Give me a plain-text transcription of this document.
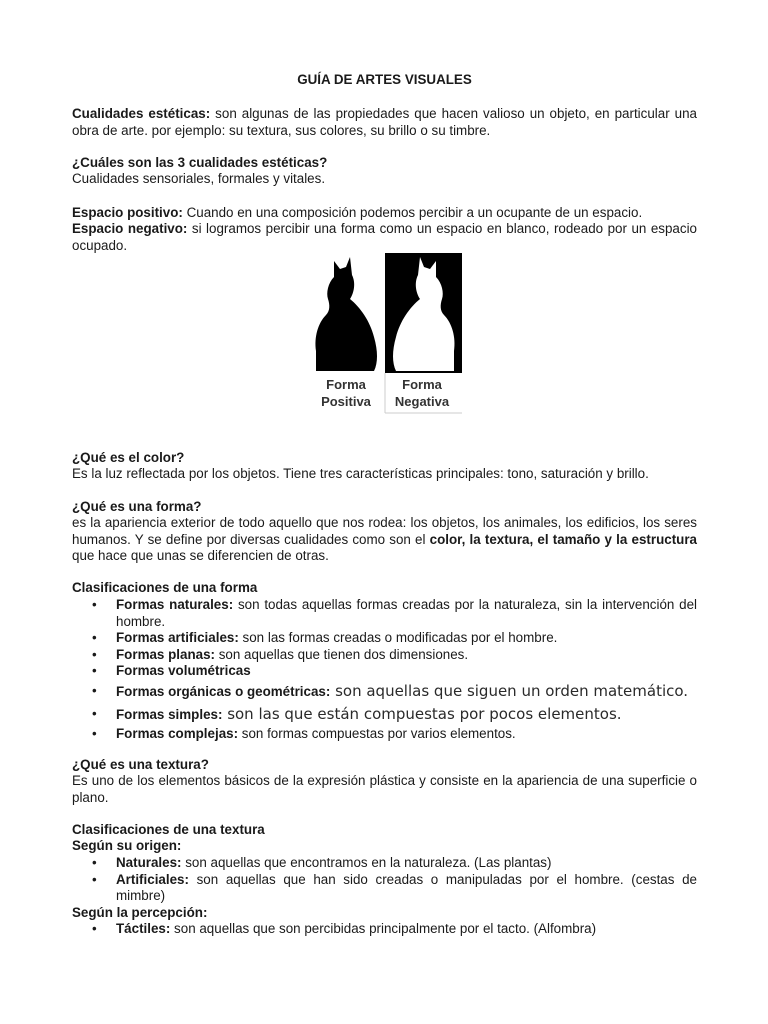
GUÍA DE ARTES VISUALES
Cualidades estéticas: son algunas de las propiedades que hacen valioso un objeto, en particular una obra de arte. por ejemplo: su textura, sus colores, su brillo o su timbre.
¿Cuáles son las 3 cualidades estéticas?
Cualidades sensoriales, formales y vitales.
Espacio positivo: Cuando en una composición podemos percibir a un ocupante de un espacio.
Espacio negativo: si logramos percibir una forma como un espacio en blanco, rodeado por un espacio ocupado.
Forma
Positiva
Forma
Negativa
¿Qué es el color?
Es la luz reflectada por los objetos. Tiene tres características principales: tono, saturación y brillo.
¿Qué es una forma?
es la apariencia exterior de todo aquello que nos rodea: los objetos, los animales, los edificios, los seres humanos. Y se define por diversas cualidades como son el color, la textura, el tamaño y la estructura que hace que unas se diferencien de otras.
Clasificaciones de una forma
• Formas naturales: son todas aquellas formas creadas por la naturaleza, sin la intervención del hombre.
• Formas artificiales: son las formas creadas o modificadas por el hombre.
• Formas planas: son aquellas que tienen dos dimensiones.
• Formas volumétricas
• Formas orgánicas o geométricas: son aquellas que siguen un orden matemático.
• Formas simples: son las que están compuestas por pocos elementos.
• Formas complejas: son formas compuestas por varios elementos.
¿Qué es una textura?
Es uno de los elementos básicos de la expresión plástica y consiste en la apariencia de una superficie o plano.
Clasificaciones de una textura
Según su origen:
• Naturales: son aquellas que encontramos en la naturaleza. (Las plantas)
• Artificiales: son aquellas que han sido creadas o manipuladas por el hombre. (cestas de mimbre)
Según la percepción:
• Táctiles: son aquellas que son percibidas principalmente por el tacto. (Alfombra)
